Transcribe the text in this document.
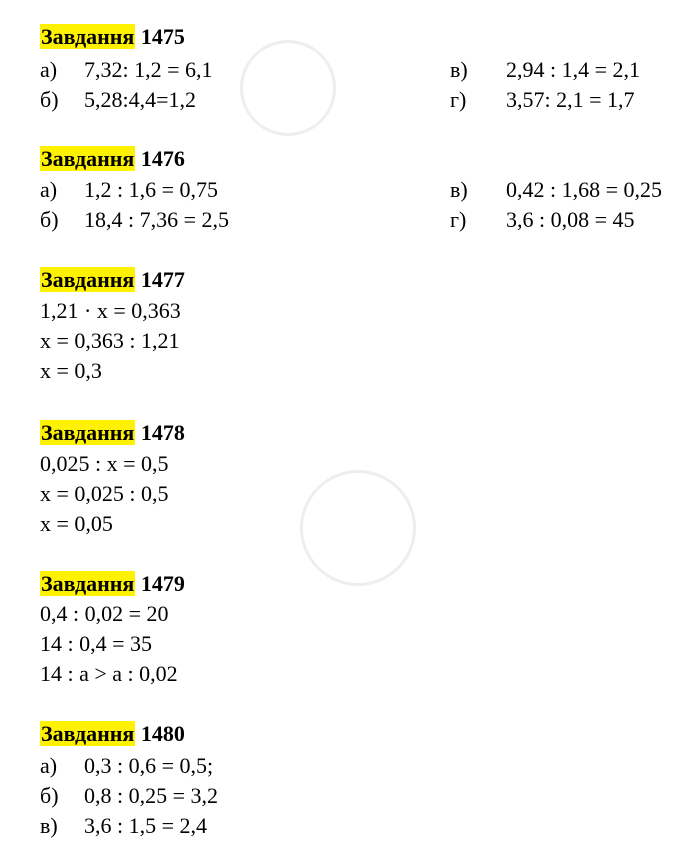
Завдання 1475
а) 7,32: 1,2 = 6,1
б) 5,28:4,4=1,2
в) 2,94 : 1,4 = 2,1
г) 3,57: 2,1 = 1,7
Завдання 1476
а) 1,2 : 1,6 = 0,75
б) 18,4 : 7,36 = 2,5
в) 0,42 : 1,68 = 0,25
г) 3,6 : 0,08 = 45
Завдання 1477
1,21 · x = 0,363
x = 0,363 : 1,21
x = 0,3
Завдання 1478
0,025 : x = 0,5
x = 0,025 : 0,5
x = 0,05
Завдання 1479
0,4 : 0,02 = 20
14 : 0,4 = 35
14 : a > a : 0,02
Завдання 1480
а) 0,3 : 0,6 = 0,5;
б) 0,8 : 0,25 = 3,2
в) 3,6 : 1,5 = 2,4
